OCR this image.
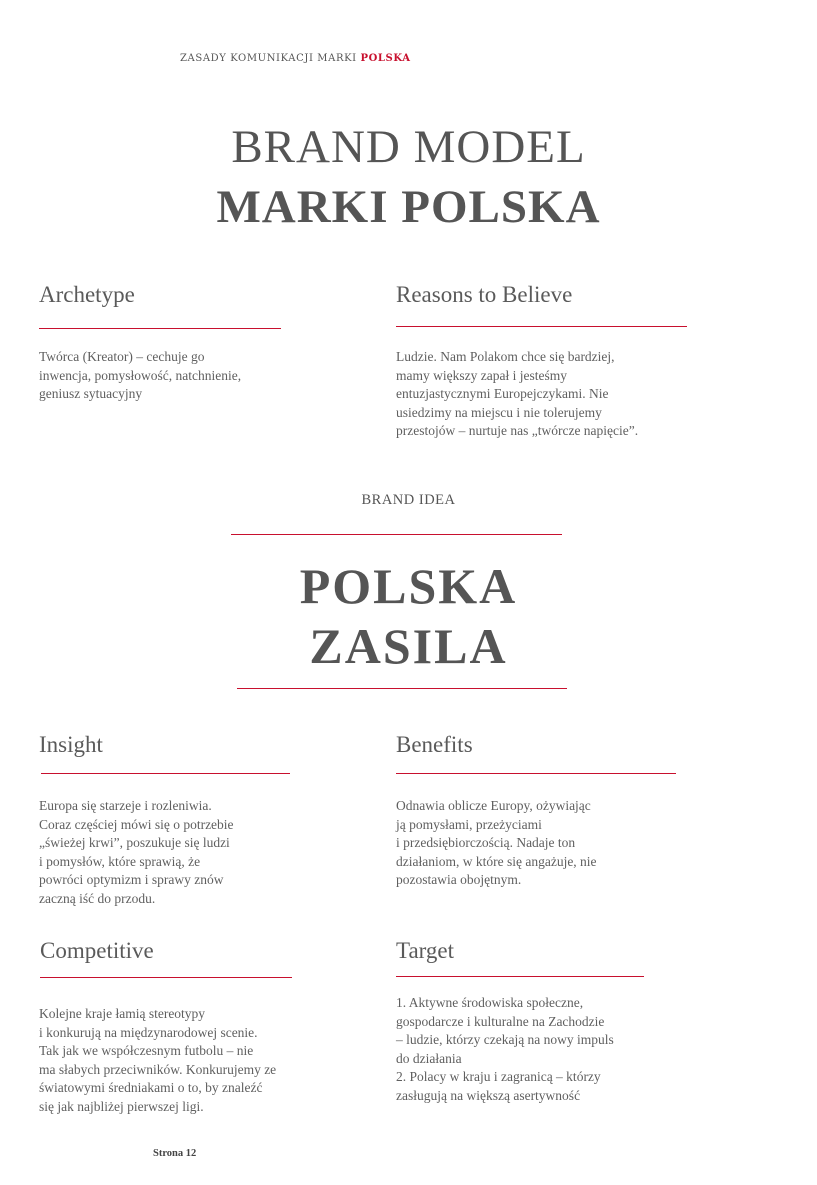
ZASADY KOMUNIKACJI MARKI POLSKA
BRAND MODEL
MARKI POLSKA
Archetype
Twórca (Kreator) – cechuje go
inwencja, pomysłowość, natchnienie,
geniusz sytuacyjny
Reasons to Believe
Ludzie. Nam Polakom chce się bardziej,
mamy większy zapał i jesteśmy
entuzjastycznymi Europejczykami. Nie
usiedzimy na miejscu i nie tolerujemy
przestojów – nurtuje nas „twórcze napięcie”.
BRAND IDEA
POLSKA
ZASILA
Insight
Europa się starzeje i rozleniwia.
Coraz częściej mówi się o potrzebie
„świeżej krwi”, poszukuje się ludzi
i pomysłów, które sprawią, że
powróci optymizm i sprawy znów
zaczną iść do przodu.
Benefits
Odnawia oblicze Europy, ożywiając
ją pomysłami, przeżyciami
i przedsiębiorczością. Nadaje ton
działaniom, w które się angażuje, nie
pozostawia obojętnym.
Competitive
Kolejne kraje łamią stereotypy
i konkurują na międzynarodowej scenie.
Tak jak we współczesnym futbolu – nie
ma słabych przeciwników. Konkurujemy ze
światowymi średniakami o to, by znaleźć
się jak najbliżej pierwszej ligi.
Target
1. Aktywne środowiska społeczne,
gospodarcze i kulturalne na Zachodzie
– ludzie, którzy czekają na nowy impuls
do działania
2. Polacy w kraju i zagranicą – którzy
zasługują na większą asertywność
Strona 12
